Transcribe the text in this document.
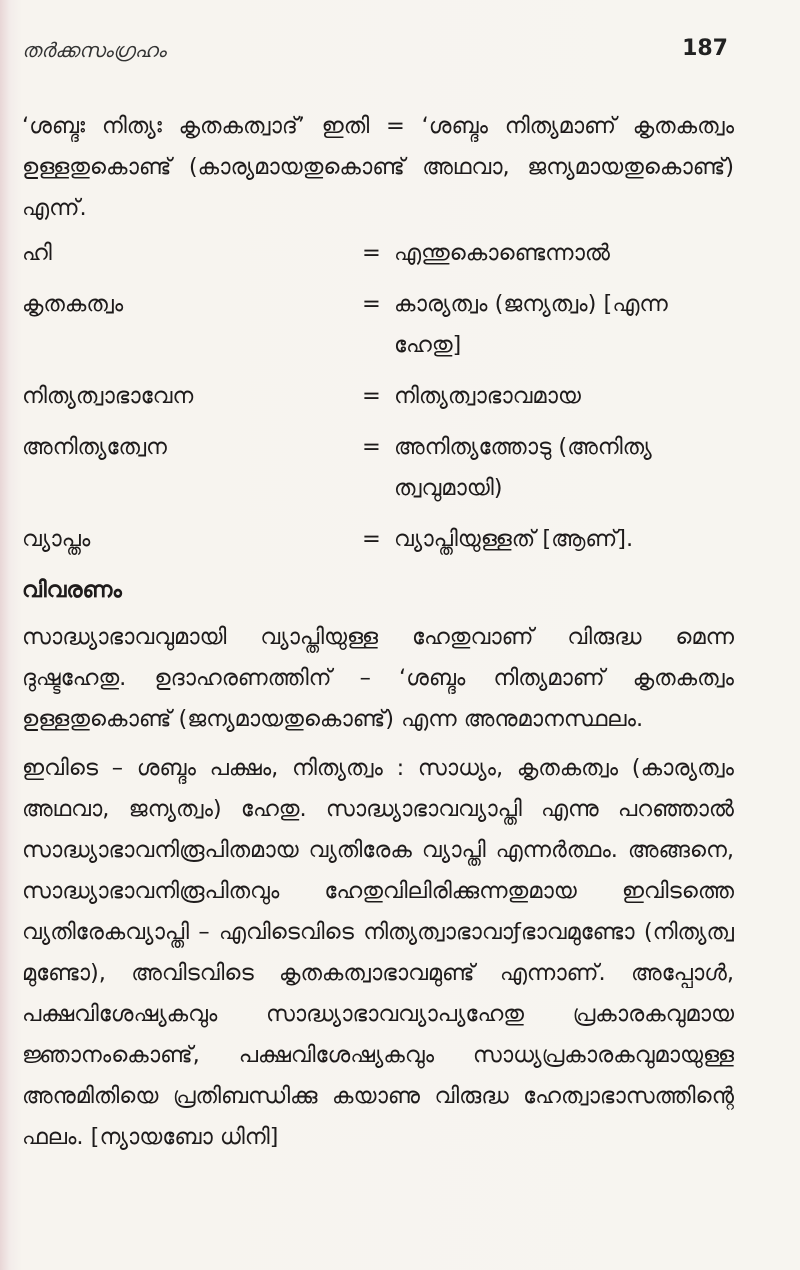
തർക്കസംഗ്രഹം	187

‘ശബ്ദഃ നിത്യഃ കൃതകത്വാദ്’ ഇതി = ‘ശബ്ദം നിത്യമാണ് കൃതകത്വം ഉള്ളതുകൊണ്ട് (കാര്യമായതുകൊണ്ട് അഥവാ, ജന്യമായതുകൊണ്ട്) എന്ന്.

ഹി	= എന്തുകൊണ്ടെന്നാൽ
കൃതകത്വം	= കാര്യത്വം (ജന്യത്വം) [എന്ന ഹേതു]
നിത്യത്വാഭാവേന	= നിത്യത്വാഭാവമായ
അനിത്യത്വേന	= അനിത്യത്തോടു (അനിത്യ ത്വവുമായി)
വ്യാപ്തം	= വ്യാപ്തിയുള്ളത് [ആണ്].
വിവരണം

സാദ്ധ്യാഭാവവുമായി വ്യാപ്തിയുള്ള ഹേതുവാണ് വിരുദ്ധ മെന്ന ദുഷ്ടഹേതു. ഉദാഹരണത്തിന് – ‘ശബ്ദം നിത്യമാണ് കൃതകത്വം ഉള്ളതുകൊണ്ട് (ജന്യമായതുകൊണ്ട്) എന്ന അനുമാനസ്ഥലം.

ഇവിടെ – ശബ്ദം പക്ഷം, നിത്യത്വം : സാധ്യം, കൃതകത്വം (കാര്യത്വം അഥവാ, ജന്യത്വം) ഹേതു. സാദ്ധ്യാഭാവവ്യാപ്തി എന്നു പറഞ്ഞാൽ സാദ്ധ്യാഭാവനിരൂപിതമായ വ്യതിരേക വ്യാപ്തി എന്നർത്ഥം. അങ്ങനെ, സാദ്ധ്യാഭാവനിരൂപിതവും ഹേതുവിലിരിക്കുന്നതുമായ ഇവിടത്തെ വ്യതിരേകവ്യാപ്തി – എവിടെവിടെ നിത്യത്വാഭാവാƒഭാവമുണ്ടോ (നിത്യത്വ മുണ്ടോ), അവിടവിടെ കൃതകത്വാഭാവമുണ്ട് എന്നാണ്. അപ്പോൾ, പക്ഷവിശേഷ്യകവും സാദ്ധ്യാഭാവവ്യാപ്യഹേതു പ്രകാരകവുമായ ജ്ഞാനംകൊണ്ട്, പക്ഷവിശേഷ്യകവും സാധ്യപ്രകാരകവുമായുള്ള അനുമിതിയെ പ്രതിബന്ധിക്കു കയാണു വിരുദ്ധ ഹേത്വാഭാസത്തിന്റെ ഫലം. [ന്യായബോ ധിനി]
